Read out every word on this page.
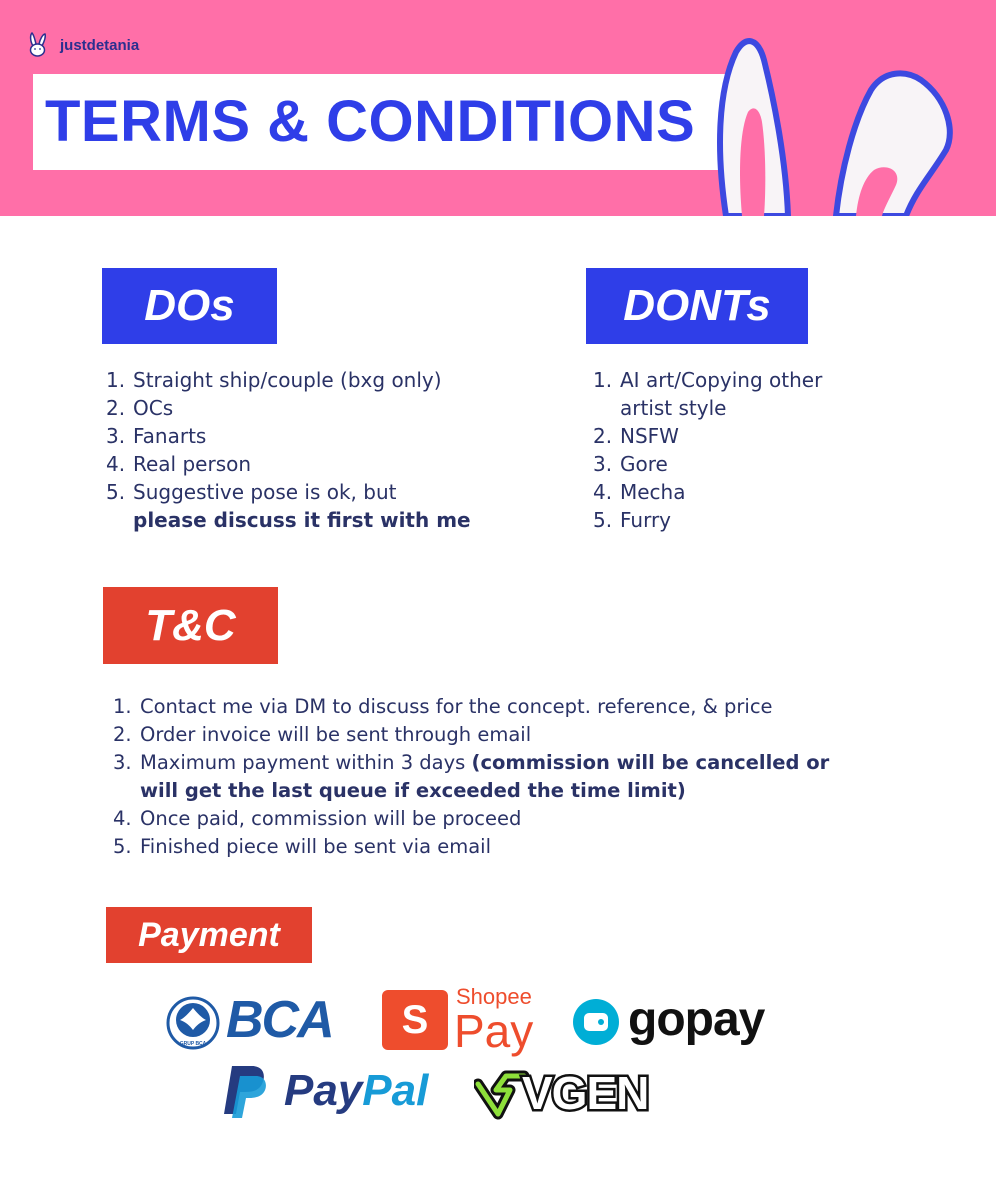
justdetania
TERMS & CONDITIONS
DOs
1. Straight ship/couple (bxg only)
2. OCs
3. Fanarts
4. Real person
5. Suggestive pose is ok, but
please discuss it first with me
DONTs
1. AI art/Copying other artist style
2. NSFW
3. Gore
4. Mecha
5. Furry
T&C
1. Contact me via DM to discuss for the concept. reference, & price
2. Order invoice will be sent through email
3. Maximum payment within 3 days (commission will be cancelled or will get the last queue if exceeded the time limit)
4. Once paid, commission will be proceed
5. Finished piece will be sent via email
Payment
GRUP BCA BCA S
Shopee
Pay gopay
PayPal VGEN
